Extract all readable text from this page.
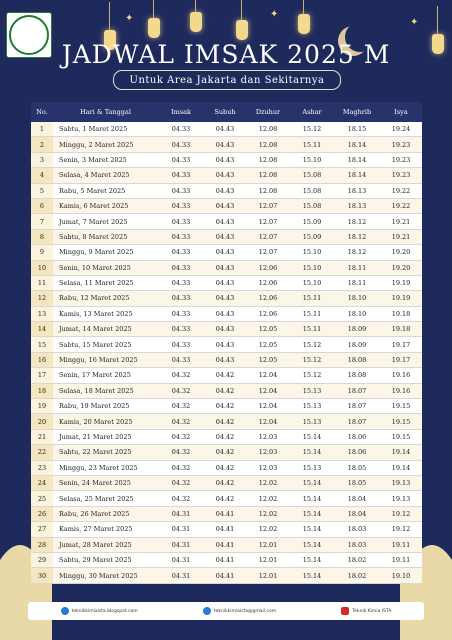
✦	✦
✦
JADWAL IMSAK 2025 M
Untuk Area Jakarta dan Sekitarnya
No.	Hari & Tanggal	Imsak	Subuh	Dzuhur	Ashar	Maghrib	Isya
1	Sabtu, 1 Maret 2025	04.33	04.43	12.08	15.12	18.15	19.24
2	Minggu, 2 Maret 2025	04.33	04.43	12.08	15.11	18.14	19.23
3	Senin, 3 Maret 2025	04.33	04.43	12.08	15.10	18.14	19.23
4	Selasa, 4 Maret 2025	04.33	04.43	12.08	15.08	18.14	19.23
5	Rabu, 5 Maret 2025	04.33	04.43	12.08	15.08	18.13	19.22
6	Kamis, 6 Maret 2025	04.33	04.43	12.07	15.08	18.13	19.22
7	Jumat, 7 Maret 2025	04.33	04.43	12.07	15.09	18.12	19.21
8	Sabtu, 8 Maret 2025	04.33	04.43	12.07	15.09	18.12	19.21
9	Minggu, 9 Maret 2025	04.33	04.43	12.07	15.10	18.12	19.20
10	Senin, 10 Maret 2025	04.33	04.43	12.06	15.10	18.11	19.20
11	Selasa, 11 Maret 2025	04.33	04.43	12.06	15.10	18.11	19.19
12	Rabu, 12 Maret 2025	04.33	04.43	12.06	15.11	18.10	19.19
13	Kamis, 13 Maret 2025	04.33	04.43	12.06	15.11	18.10	19.18
14	Jumat, 14 Maret 2025	04.33	04.43	12.05	15.11	18.09	19.18
15	Sabtu, 15 Maret 2025	04.33	04.43	12.05	15.12	18.09	19.17
16	Minggu, 16 Maret 2025	04.33	04.43	12.05	15.12	18.08	19.17
17	Senin, 17 Maret 2025	04.32	04.42	12.04	15.12	18.08	19.16
18	Selasa, 18 Maret 2025	04.32	04.42	12.04	15.13	18.07	19.16
19	Rabu, 19 Maret 2025	04.32	04.42	12.04	15.13	18.07	19.15
20	Kamis, 20 Maret 2025	04.32	04.42	12.04	15.13	18.07	19.15
21	Jumat, 21 Maret 2025	04.32	04.42	12.03	15.14	18.06	19.15
22	Sabtu, 22 Maret 2025	04.32	04.42	12.03	15.14	18.06	19.14
23	Minggu, 23 Maret 2025	04.32	04.42	12.03	15.13	18.05	19.14
24	Senin, 24 Maret 2025	04.32	04.42	12.02	15.14	18.05	19.13
25	Selasa, 25 Maret 2025	04.32	04.42	12.02	15.14	18.04	19.13
26	Rabu, 26 Maret 2025	04.31	04.41	12.02	15.14	18.04	19.12
27	Kamis, 27 Maret 2025	04.31	04.41	12.02	15.14	18.03	19.12
28	Jumat, 28 Maret 2025	04.31	04.41	12.01	15.14	18.03	19.11
29	Sabtu, 29 Maret 2025	04.31	04.41	12.01	15.14	18.02	19.11
30	Minggu, 30 Maret 2025	04.31	04.41	12.01	15.14	18.02	19.10
teknikkimiaista.blogspot.com	teknikkimiaista@gmail.com	Teknik Kimia ISTA
